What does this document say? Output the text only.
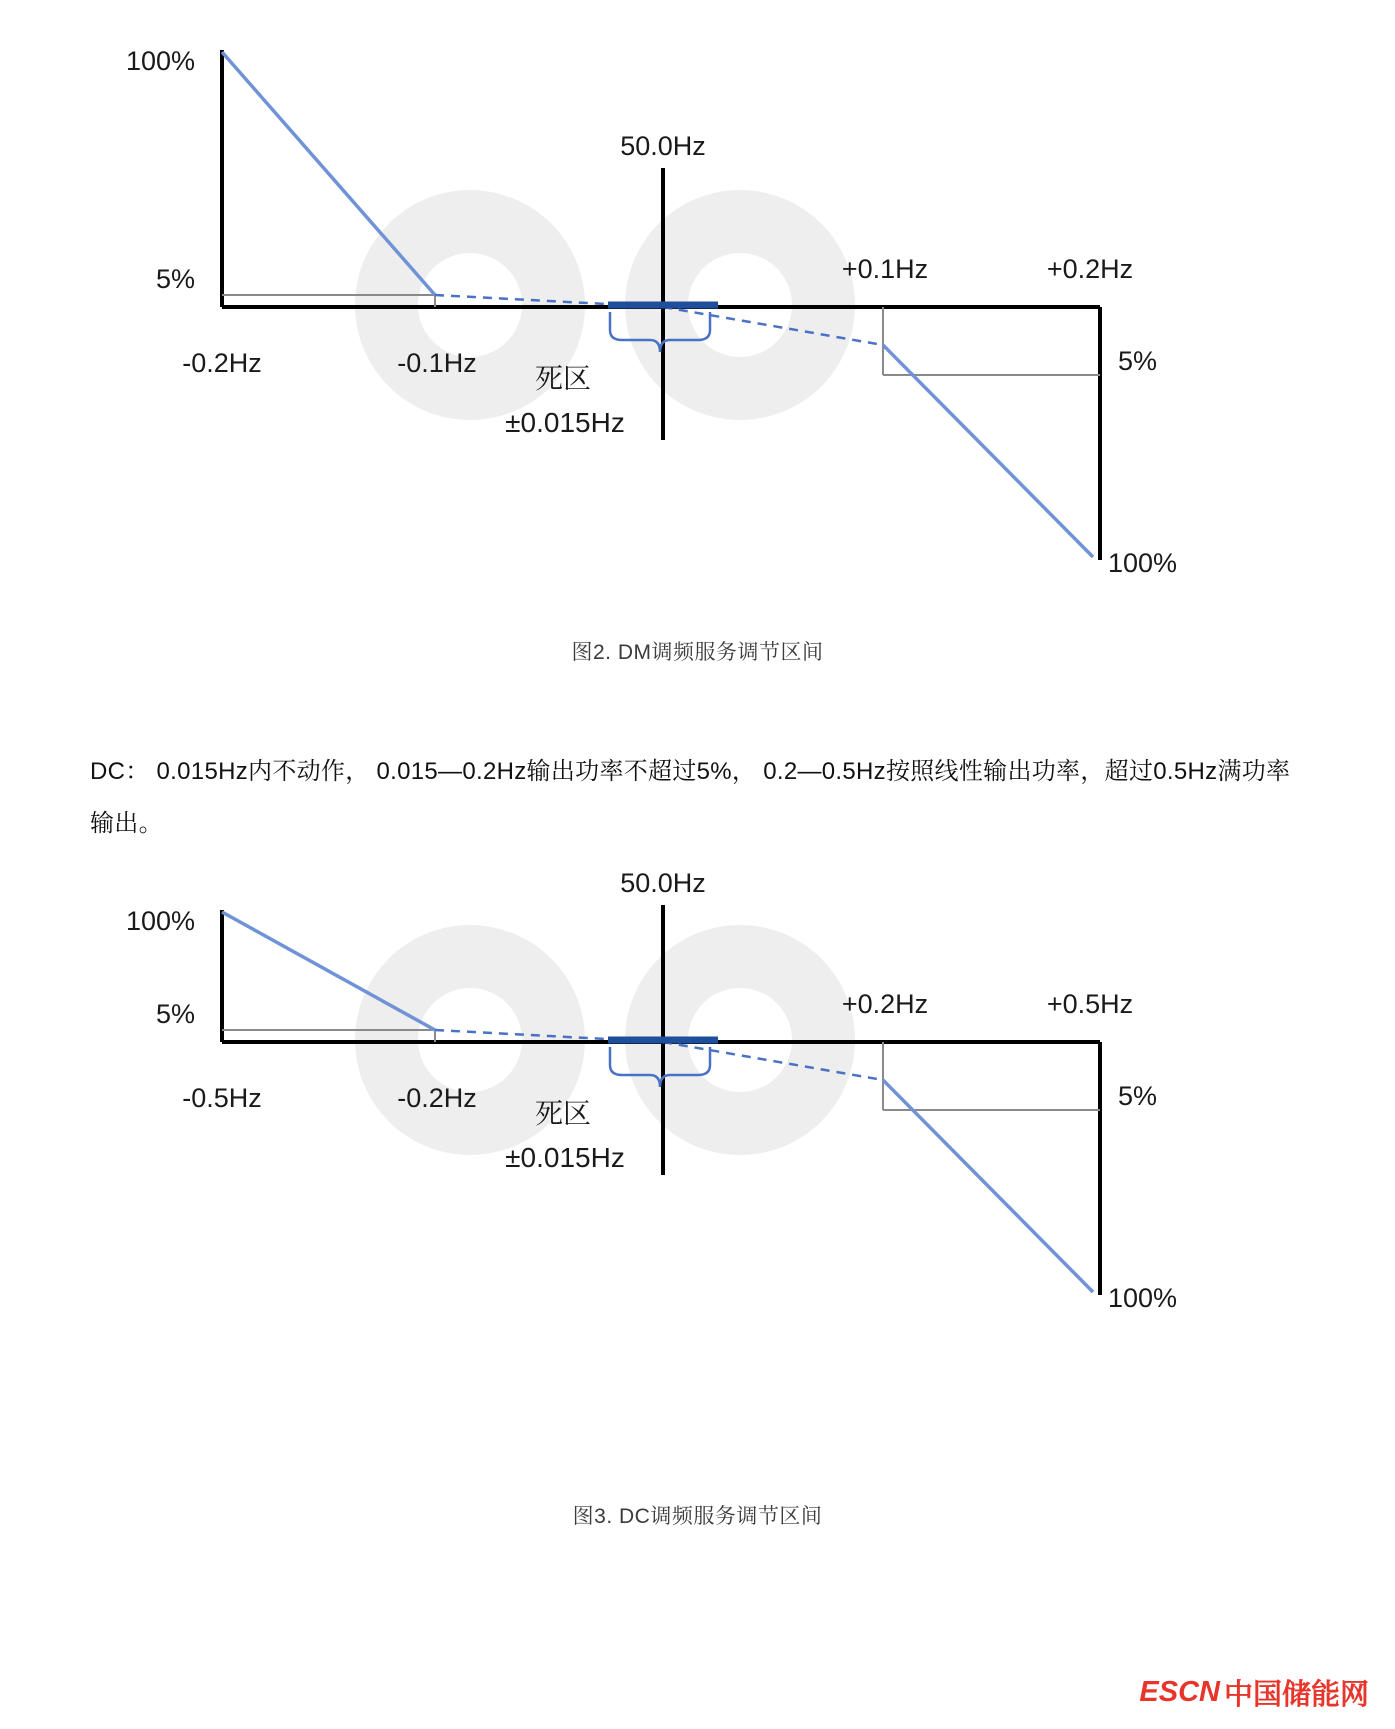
100%
5%
-0.2Hz	-0.1Hz
50.0Hz
+0.1Hz	+0.2Hz
5%
100%
死区
±0.015Hz
图2. DM调频服务调节区间

DC： 0.015Hz内不动作， 0.015—0.2Hz输出功率不超过5%， 0.2—0.5Hz按照线性输出功率，超过0.5Hz满功率输出。

100%
5%
-0.5Hz	-0.2Hz
50.0Hz
+0.2Hz	+0.5Hz
5%
100%
死区
±0.015Hz
图3. DC调频服务调节区间
ESCN 中国储能网
